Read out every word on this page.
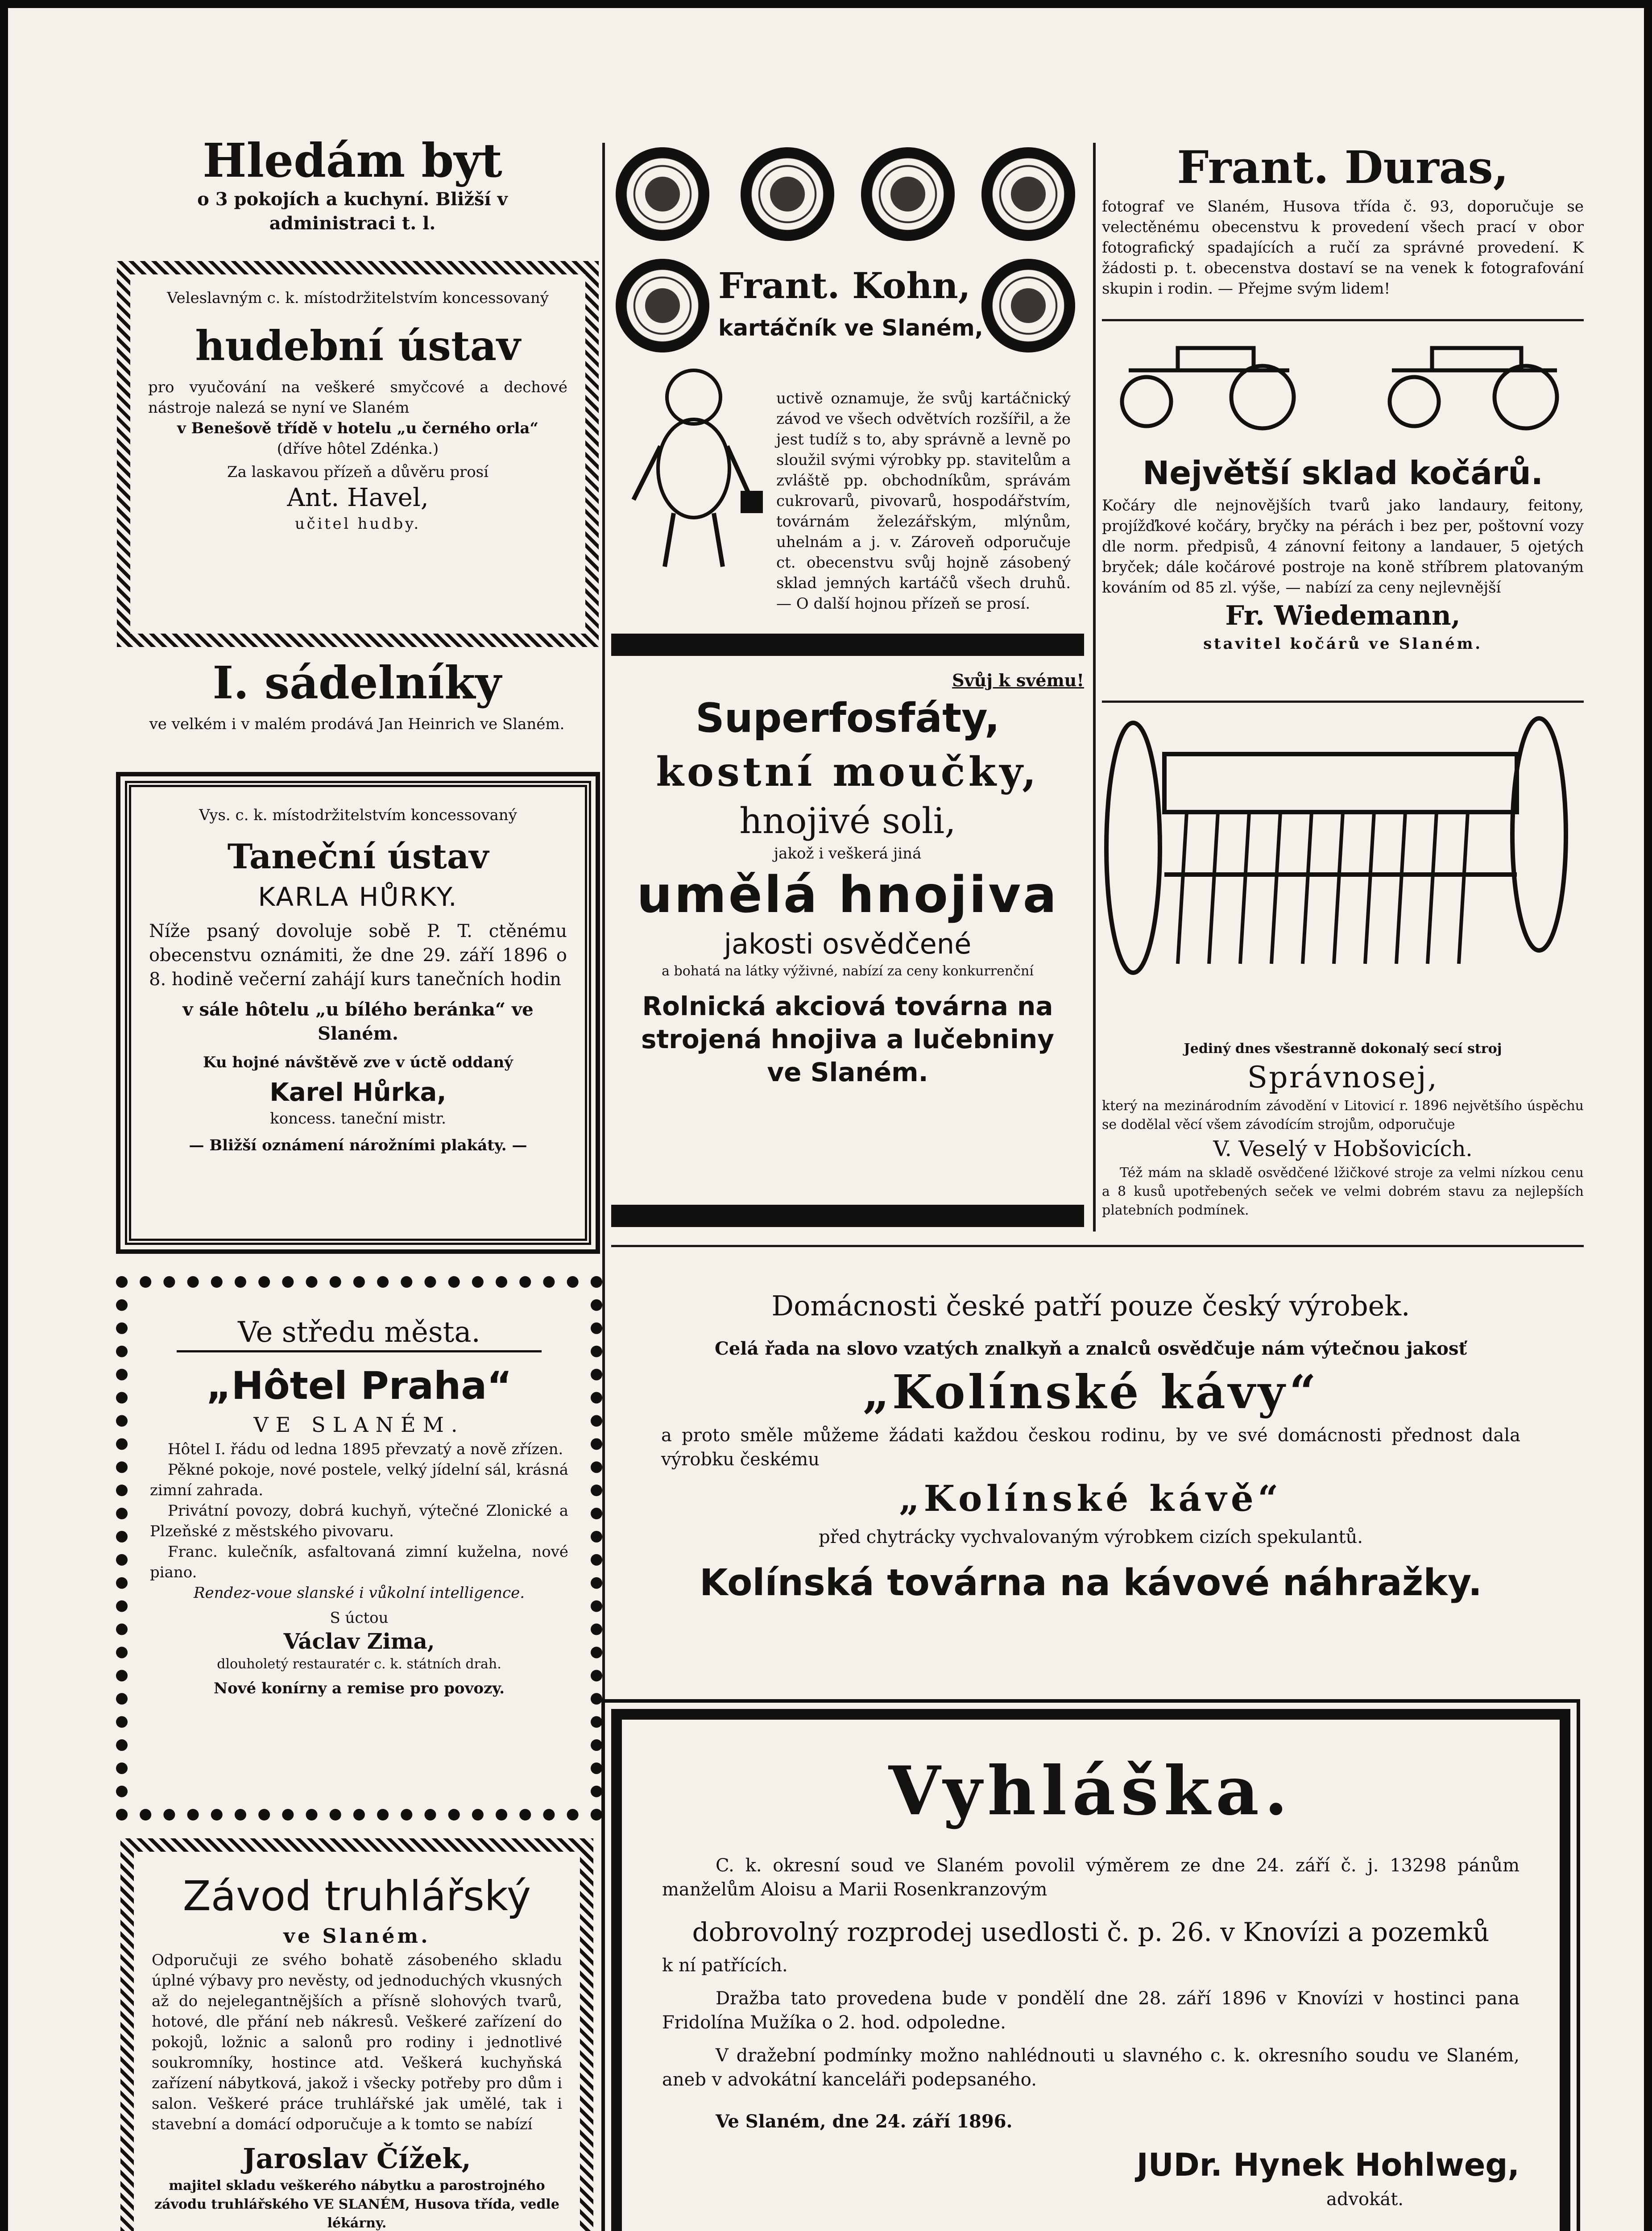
Hledám byt

o 3 pokojích a kuchyní. Bližší v administraci t. l.

Veleslavným c. k. místodržitelstvím koncessovaný

hudební ústav

pro vyučování na veškeré smyčcové a dechové nástroje nalezá se nyní ve Slaném

v Benešově třídě v hotelu „u černého orla“

(dříve hôtel Zdénka.)

Za laskavou přízeň a důvěru prosí

Ant. Havel,

učitel hudby.

I. sádelníky

ve velkém i v malém prodává Jan Heinrich ve Slaném.

Vys. c. k. místodržitelstvím koncessovaný

Taneční ústav
KARLA HŮRKY.

Níže psaný dovoluje sobě P. T. ctěnému obecenstvu oznámiti, že dne 29. září 1896 o 8. hodině večerní zahájí kurs tanečních hodin

v sále hôtelu „u bílého beránka“ ve Slaném.

Ku hojné návštěvě zve v úctě oddaný

Karel Hůrka,

koncess. taneční mistr.

— Bližší oznámení nárožními plakáty. —

Ve středu města.
„Hôtel Praha“
VE SLANÉM.

Hôtel I. řádu od ledna 1895 převzatý a nově zřízen.

Pěkné pokoje, nové postele, velký jídelní sál, krásná zimní zahrada.

Privátní povozy, dobrá kuchyň, výtečné Zlonické a Plzeňské z městského pivovaru.

Franc. kulečník, asfaltovaná zimní kuželna, nové piano.

Rendez-voue slanské i vůkolní intelligence.

S úctou

Václav Zima,

dlouholetý restauratér c. k. státních drah.

Nové konírny a remise pro povozy.

Závod truhlářský
ve Slaném.

Odporučuji ze svého bohatě zásobeného skladu úplné výbavy pro nevěsty, od jednoduchých vkusných až do nejelegantnějších a přísně slohových tvarů, hotové, dle přání neb nákresů. Veškeré zařízení do pokojů, ložnic a salonů pro rodiny i jednotlivé soukromníky, hostince atd. Veškerá kuchyňská zařízení nábytková, jakož i všecky potřeby pro dům i salon. Veškeré práce truhlářské jak umělé, tak i stavební a domácí odporučuje a k tomto se nabízí

Jaroslav Čížek,

majitel skladu veškerého nábytku a parostrojného závodu truhlářského VE SLANÉM, Husova třída, vedle lékárny.

Frant. Kohn,
kartáčník ve Slaném,

uctivě oznamuje, že svůj kartáčnický závod ve všech odvětvích rozšířil, a že jest tudíž s to, aby správně a levně po sloužil svými výrobky pp. stavitelům a zvláště pp. obchodníkům, správám cukrovarů, pivovarů, hospodářstvím, továrnám železářským, mlýnům, uhelnám a j. v. Zároveň odporučuje ct. obecenstvu svůj hojně zásobený sklad jemných kartáčů všech druhů. — O další hojnou přízeň se prosí.

Svůj k svému!
Superfosfáty,
kostní moučky,
hnojivé soli,
jakož i veškerá jiná
umělá hnojiva
jakosti osvědčené
a bohatá na látky výživné, nabízí za ceny konkurrenční
Rolnická akciová továrna na strojená hnojiva a lučebniny ve Slaném.
Frant. Duras,

fotograf ve Slaném, Husova třída č. 93, doporučuje se velectěnému obecenstvu k provedení všech prací v obor fotografický spadajících a ručí za správné provedení. K žádosti p. t. obecenstva dostaví se na venek k fotografování skupin i rodin. — Přejme svým lidem!

Největší sklad kočárů.

Kočáry dle nejnovějších tvarů jako landaury, feitony, projížďkové kočáry, bryčky na pérách i bez per, poštovní vozy dle norm. předpisů, 4 zánovní feitony a landauer, 5 ojetých bryček; dále kočárové postroje na koně stříbrem platovaným kováním od 85 zl. výše, — nabízí za ceny nejlevnější

Fr. Wiedemann,

stavitel kočárů ve Slaném.

Jediný dnes všestranně dokonalý secí stroj

Správnosej,

který na mezinárodním závodění v Litovicí r. 1896 největšího úspěchu se dodělal věcí všem závodícím strojům, odporučuje

V. Veselý v Hobšovicích.

Též mám na skladě osvědčené lžičkové stroje za velmi nízkou cenu a 8 kusů upotřebených seček ve velmi dobrém stavu za nejlepších platebních podmínek.

Domácnosti české patří pouze český výrobek.

Celá řada na slovo vzatých znalkyň a znalců osvědčuje nám výtečnou jakosť

„Kolínské kávy“

a proto směle můžeme žádati každou českou rodinu, by ve své domácnosti přednost dala výrobku českému

„Kolínské kávě“

před chytrácky vychvalovaným výrobkem cizích spekulantů.

Kolínská továrna na kávové náhražky.
Vyhláška.

C. k. okresní soud ve Slaném povolil výměrem ze dne 24. září č. j. 13298 pánům manželům Aloisu a Marii Rosenkranzovým

dobrovolný rozprodej usedlosti č. p. 26. v Knovízi a pozemků

k ní patřících.

Dražba tato provedena bude v pondělí dne 28. září 1896 v Knovízi v hostinci pana Fridolína Mužíka o 2. hod. odpoledne.

V dražební podmínky možno nahlédnouti u slavného c. k. okresního soudu ve Slaném, aneb v advokátní kanceláři podepsaného.

Ve Slaném, dne 24. září 1896.

JUDr. Hynek Hohlweg,

advokát.
